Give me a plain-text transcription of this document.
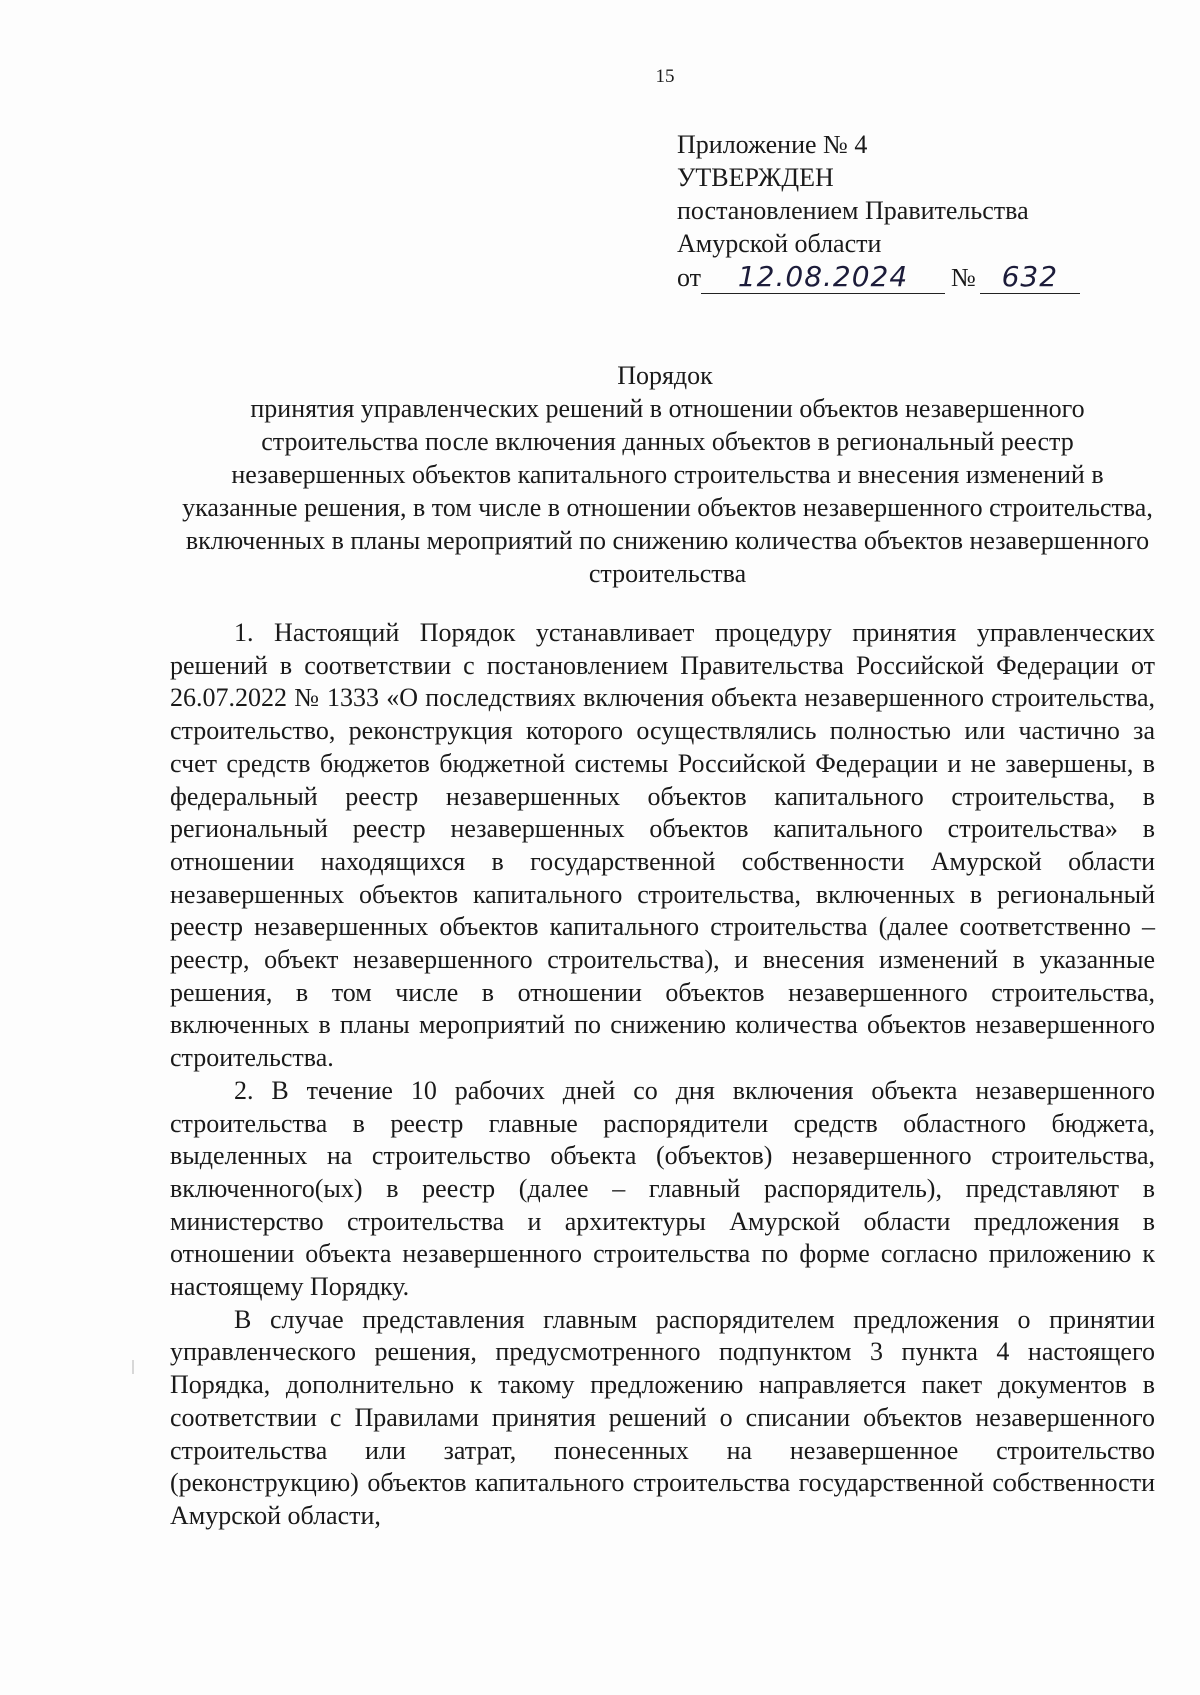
15
Приложение № 4
УТВЕРЖДЕН
постановлением Правительства
Амурской области
от 12.08.2024 № 632
Порядок
принятия управленческих решений в отношении объектов незавершенного строительства после включения данных объектов в региональный реестр незавершенных объектов капитального строительства и внесения изменений в указанные решения, в том числе в отношении объектов незавершенного строительства, включенных в планы мероприятий по снижению количества объектов незавершенного строительства

1. Настоящий Порядок устанавливает процедуру принятия управленческих решений в соответствии с постановлением Правительства Российской Федерации от 26.07.2022 № 1333 «О последствиях включения объекта незавершенного строительства, строительство, реконструкция которого осуществлялись полностью или частично за счет средств бюджетов бюджетной системы Российской Федерации и не завершены, в федеральный реестр незавершенных объектов капитального строительства, в региональный реестр незавершенных объектов капитального строительства» в отношении находящихся в государственной собственности Амурской области незавершенных объектов капитального строительства, включенных в региональный реестр незавершенных объектов капитального строительства (далее соответственно – реестр, объект незавершенного строительства), и внесения изменений в указанные решения, в том числе в отношении объектов незавершенного строительства, включенных в планы мероприятий по снижению количества объектов незавершенного строительства.

2. В течение 10 рабочих дней со дня включения объекта незавершенного строительства в реестр главные распорядители средств областного бюджета, выделенных на строительство объекта (объектов) незавершенного строительства, включенного(ых) в реестр (далее – главный распорядитель), представляют в министерство строительства и архитектуры Амурской области предложения в отношении объекта незавершенного строительства по форме согласно приложению к настоящему Порядку.

В случае представления главным распорядителем предложения о принятии управленческого решения, предусмотренного подпунктом 3 пункта 4 настоящего Порядка, дополнительно к такому предложению направляется пакет документов в соответствии с Правилами принятия решений о списании объектов незавершенного строительства или затрат, понесенных на незавершенное строительство (реконструкцию) объектов капитального строительства государственной собственности Амурской области,
